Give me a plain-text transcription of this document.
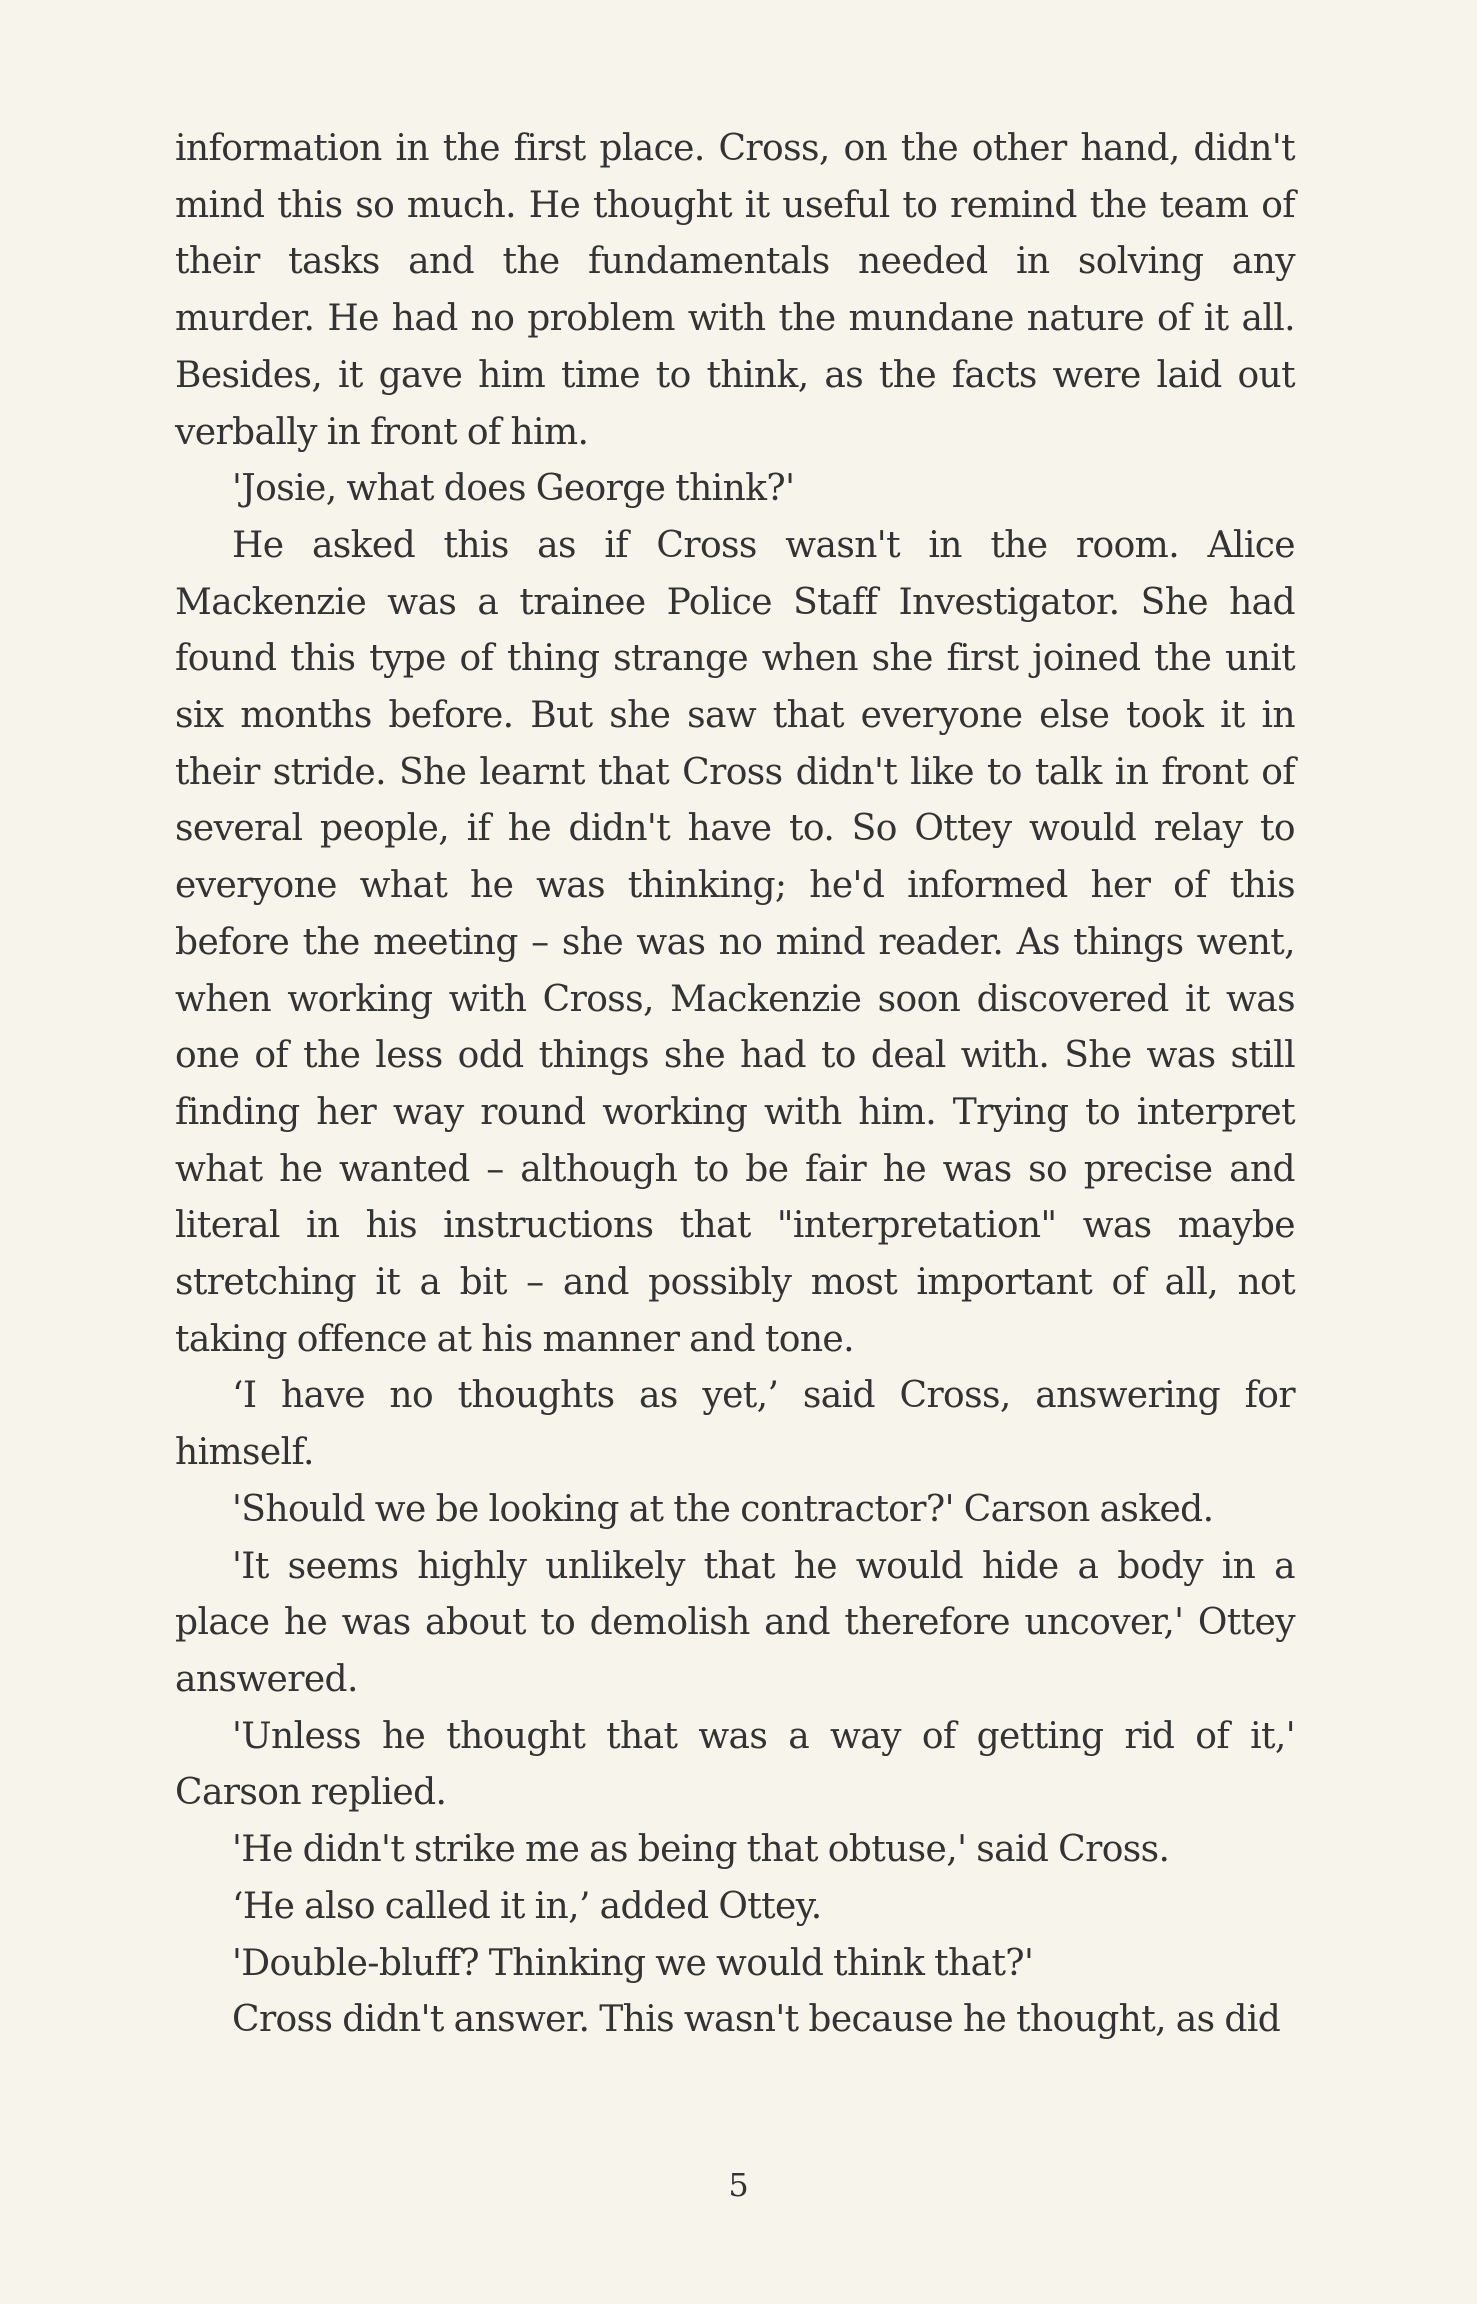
information in the first place. Cross, on the other hand, didn't mind this so much. He thought it useful to remind the team of their tasks and the fundamentals needed in solving any murder. He had no problem with the mundane nature of it all. Besides, it gave him time to think, as the facts were laid out verbally in front of him.

'Josie, what does George think?'

He asked this as if Cross wasn't in the room. Alice Mackenzie was a trainee Police Staff Investigator. She had found this type of thing strange when she first joined the unit six months before. But she saw that everyone else took it in their stride. She learnt that Cross didn't like to talk in front of several people, if he didn't have to. So Ottey would relay to everyone what he was thinking; he'd informed her of this before the meeting – she was no mind reader. As things went, when working with Cross, Mackenzie soon discovered it was one of the less odd things she had to deal with. She was still finding her way round working with him. Trying to interpret what he wanted – although to be fair he was so precise and literal in his instructions that "interpretation" was maybe stretching it a bit – and possibly most important of all, not taking offence at his manner and tone.

‘I have no thoughts as yet,’ said Cross, answering for himself.

'Should we be looking at the contractor?' Carson asked.

'It seems highly unlikely that he would hide a body in a place he was about to demolish and therefore uncover,' Ottey answered.

'Unless he thought that was a way of getting rid of it,' Carson replied.

'He didn't strike me as being that obtuse,' said Cross.

‘He also called it in,’ added Ottey.

'Double-bluff? Thinking we would think that?'

Cross didn't answer. This wasn't because he thought, as did

5
